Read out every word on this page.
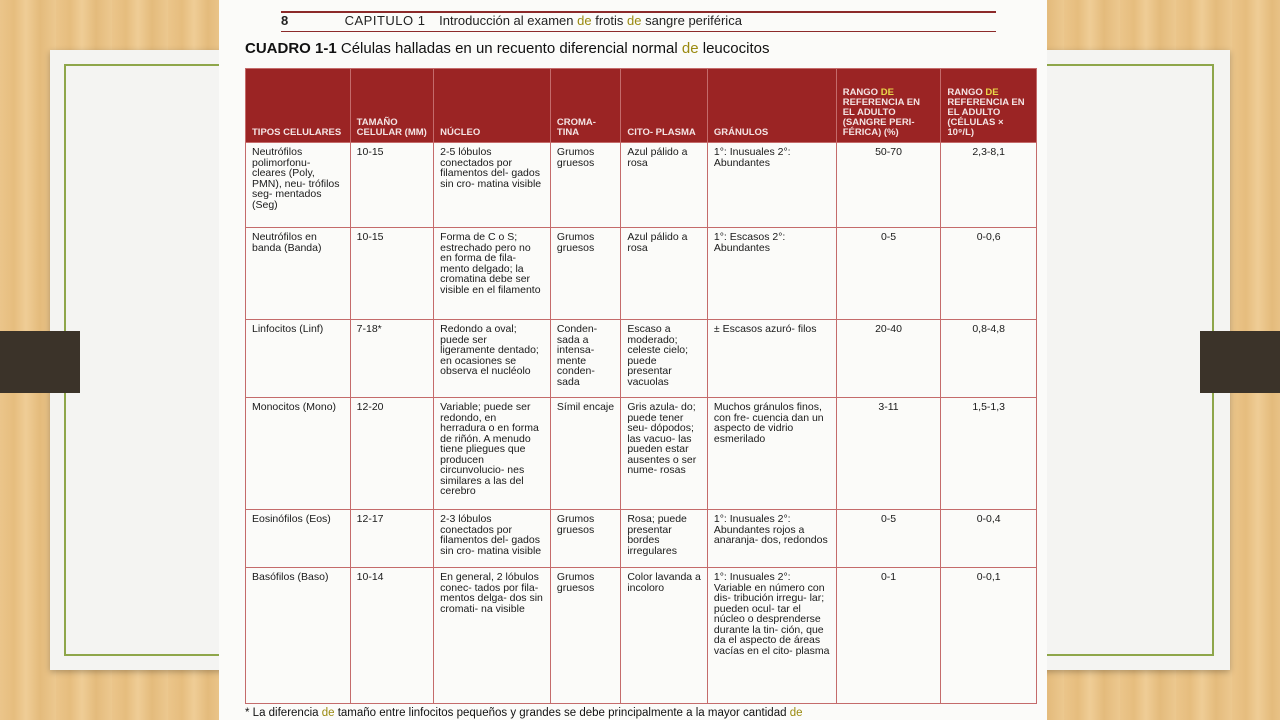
8	CAPITULO 1 Introducción al examen de frotis de sangre periférica
CUADRO 1-1 Células halladas en un recuento diferencial normal de leucocitos
TIPOS CELULARES	TAMAÑO CELULAR (ΜM)	NÚCLEO	CROMA- TINA	CITO- PLASMA	GRÁNULOS	RANGO DE REFERENCIA EN EL ADULTO (SANGRE PERI- FÉRICA) (%)	RANGO DE REFERENCIA EN EL ADULTO (CÉLULAS × 10⁹/L)
Neutrófilos polimorfonu- cleares (Poly, PMN), neu- trófilos seg- mentados (Seg)	10-15	2-5 lóbulos conectados por filamentos del- gados sin cro- matina visible	Grumos gruesos	Azul pálido a rosa	1°: Inusuales 2°: Abundantes	50-70	2,3-8,1
Neutrófilos en banda (Banda)	10-15	Forma de C o S; estrechado pero no en forma de fila- mento delgado; la cromatina debe ser visible en el filamento	Grumos gruesos	Azul pálido a rosa	1°: Escasos 2°: Abundantes	0-5	0-0,6
Linfocitos (Linf)	7-18*	Redondo a oval; puede ser ligeramente dentado; en ocasiones se observa el nucléolo	Conden- sada a intensa- mente conden- sada	Escaso a moderado; celeste cielo; puede presentar vacuolas	± Escasos azuró- filos	20-40	0,8-4,8
Monocitos (Mono)	12-20	Variable; puede ser redondo, en herradura o en forma de riñón. A menudo tiene pliegues que producen circunvolucio- nes similares a las del cerebro	Símil encaje	Gris azula- do; puede tener seu- dópodos; las vacuo- las pueden estar ausentes o ser nume- rosas	Muchos gránulos finos, con fre- cuencia dan un aspecto de vidrio esmerilado	3-11	1,5-1,3
Eosinófilos (Eos)	12-17	2-3 lóbulos conectados por filamentos del- gados sin cro- matina visible	Grumos gruesos	Rosa; puede presentar bordes irregulares	1°: Inusuales 2°: Abundantes rojos a anaranja- dos, redondos	0-5	0-0,4
Basófilos (Baso)	10-14	En general, 2 lóbulos conec- tados por fila- mentos delga- dos sin cromati- na visible	Grumos gruesos	Color lavanda a incoloro	1°: Inusuales 2°: Variable en número con dis- tribución irregu- lar; pueden ocul- tar el núcleo o desprenderse durante la tin- ción, que da el aspecto de áreas vacías en el cito- plasma	0-1	0-0,1
* La diferencia de tamaño entre linfocitos pequeños y grandes se debe principalmente a la mayor cantidad de
